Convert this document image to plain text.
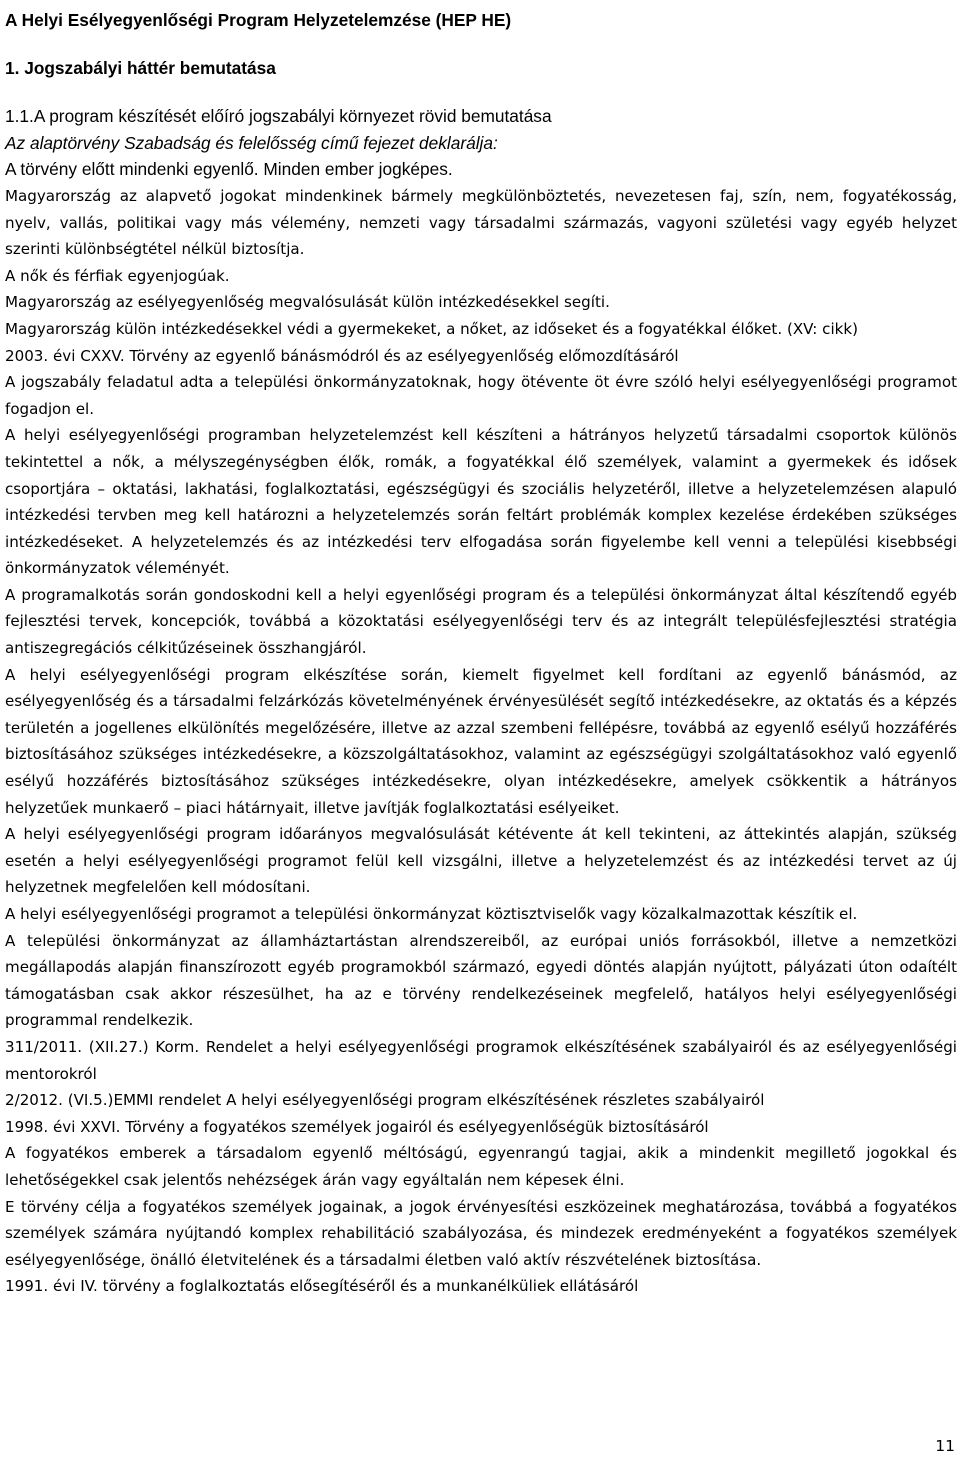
A Helyi Esélyegyenlőségi Program Helyzetelemzése (HEP HE)

1. Jogszabályi háttér bemutatása

1.1.A program készítését előíró jogszabályi környezet rövid bemutatása

Az alaptörvény Szabadság és felelősség című fejezet deklarálja:

A törvény előtt mindenki egyenlő. Minden ember jogképes.

Magyarország az alapvető jogokat mindenkinek bármely megkülönböztetés, nevezetesen faj, szín, nem, fogyatékosság, nyelv, vallás, politikai vagy más vélemény, nemzeti vagy társadalmi származás, vagyoni születési vagy egyéb helyzet szerinti különbségtétel nélkül biztosítja.

A nők és férfiak egyenjogúak.

Magyarország az esélyegyenlőség megvalósulását külön intézkedésekkel segíti.

Magyarország külön intézkedésekkel védi a gyermekeket, a nőket, az időseket és a fogyatékkal élőket. (XV: cikk)

2003. évi CXXV. Törvény az egyenlő bánásmódról és az esélyegyenlőség előmozdításáról

A jogszabály feladatul adta a települési önkormányzatoknak, hogy ötévente öt évre szóló helyi esélyegyenlőségi programot fogadjon el.

A helyi esélyegyenlőségi programban helyzetelemzést kell készíteni a hátrányos helyzetű társadalmi csoportok különös tekintettel a nők, a mélyszegénységben élők, romák, a fogyatékkal élő személyek, valamint a gyermekek és idősek csoportjára – oktatási, lakhatási, foglalkoztatási, egészségügyi és szociális helyzetéről, illetve a helyzetelemzésen alapuló intézkedési tervben meg kell határozni a helyzetelemzés során feltárt problémák komplex kezelése érdekében szükséges intézkedéseket. A helyzetelemzés és az intézkedési terv elfogadása során figyelembe kell venni a települési kisebbségi önkormányzatok véleményét.

A programalkotás során gondoskodni kell a helyi egyenlőségi program és a települési önkormányzat által készítendő egyéb fejlesztési tervek, koncepciók, továbbá a közoktatási esélyegyenlőségi terv és az integrált településfejlesztési stratégia antiszegregációs célkitűzéseinek összhangjáról.

A helyi esélyegyenlőségi program elkészítése során, kiemelt figyelmet kell fordítani az egyenlő bánásmód, az esélyegyenlőség és a társadalmi felzárkózás követelményének érvényesülését segítő intézkedésekre, az oktatás és a képzés területén a jogellenes elkülönítés megelőzésére, illetve az azzal szembeni fellépésre, továbbá az egyenlő esélyű hozzáférés biztosításához szükséges intézkedésekre, a közszolgáltatásokhoz, valamint az egészségügyi szolgáltatásokhoz való egyenlő esélyű hozzáférés biztosításához szükséges intézkedésekre, olyan intézkedésekre, amelyek csökkentik a hátrányos helyzetűek munkaerő – piaci hátárnyait, illetve javítják foglalkoztatási esélyeiket.

A helyi esélyegyenlőségi program időarányos megvalósulását kétévente át kell tekinteni, az áttekintés alapján, szükség esetén a helyi esélyegyenlőségi programot felül kell vizsgálni, illetve a helyzetelemzést és az intézkedési tervet az új helyzetnek megfelelően kell módosítani.

A helyi esélyegyenlőségi programot a települési önkormányzat köztisztviselők vagy közalkalmazottak készítik el.

A települési önkormányzat az államháztartástan alrendszereiből, az európai uniós forrásokból, illetve a nemzetközi megállapodás alapján finanszírozott egyéb programokból származó, egyedi döntés alapján nyújtott, pályázati úton odaítélt támogatásban csak akkor részesülhet, ha az e törvény rendelkezéseinek megfelelő, hatályos helyi esélyegyenlőségi programmal rendelkezik.

311/2011. (XII.27.) Korm. Rendelet a helyi esélyegyenlőségi programok elkészítésének szabályairól és az esélyegyenlőségi mentorokról

2/2012. (VI.5.)EMMI rendelet A helyi esélyegyenlőségi program elkészítésének részletes szabályairól

1998. évi XXVI. Törvény a fogyatékos személyek jogairól és esélyegyenlőségük biztosításáról

A fogyatékos emberek a társadalom egyenlő méltóságú, egyenrangú tagjai, akik a mindenkit megillető jogokkal és lehetőségekkel csak jelentős nehézségek árán vagy egyáltalán nem képesek élni.

E törvény célja a fogyatékos személyek jogainak, a jogok érvényesítési eszközeinek meghatározása, továbbá a fogyatékos személyek számára nyújtandó komplex rehabilitáció szabályozása, és mindezek eredményeként a fogyatékos személyek esélyegyenlősége, önálló életvitelének és a társadalmi életben való aktív részvételének biztosítása.

1991. évi IV. törvény a foglalkoztatás elősegítéséről és a munkanélküliek ellátásáról

11
